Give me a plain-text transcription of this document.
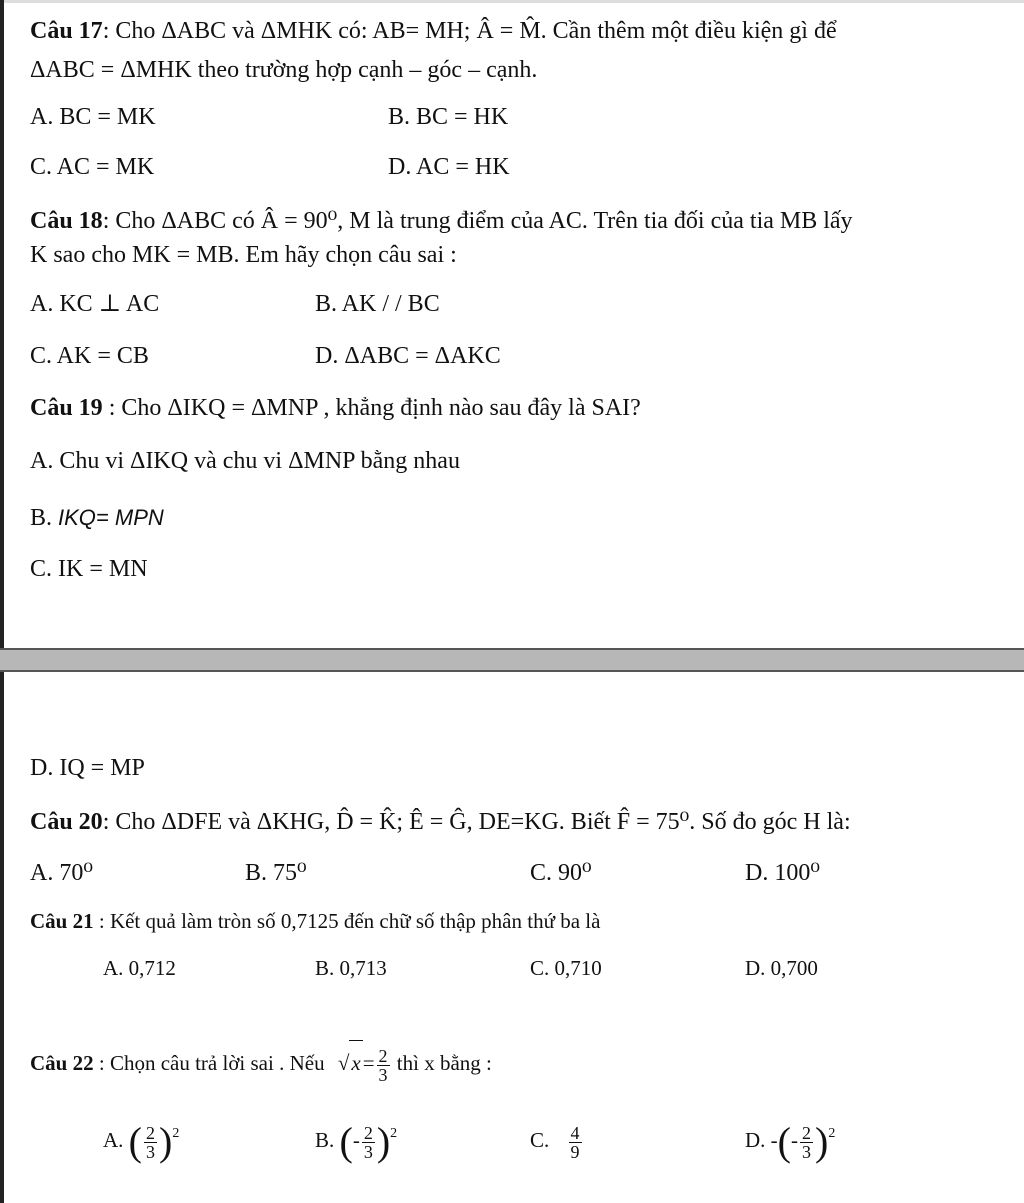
Câu 17: Cho ΔABC và ΔMHK có: AB= MH; Â = M̂. Cần thêm một điều kiện gì để
ΔABC = ΔMHK theo trường hợp cạnh – góc – cạnh.
A. BC = MK	B. BC = HK
C. AC = MK	D. AC = HK
Câu 18: Cho ΔABC có Â = 90⁰, M là trung điểm của AC. Trên tia đối của tia MB lấy
K sao cho MK = MB. Em hãy chọn câu sai :
A. KC ⊥ AC	B. AK / / BC
C. AK = CB	D. ΔABC = ΔAKC
Câu 19 : Cho ΔIKQ = ΔMNP , khẳng định nào sau đây là SAI?
A. Chu vi ΔIKQ và chu vi ΔMNP bằng nhau
B. IKQ= MPN
C. IK = MN
D. IQ = MP
Câu 20: Cho ΔDFE và ΔKHG, D̂ = K̂; Ê = Ĝ, DE=KG. Biết F̂ = 75⁰. Số đo góc H là:
A. 70⁰	B. 75⁰	C. 90⁰	D. 100⁰
Câu 21 : Kết quả làm tròn số 0,7125 đến chữ số thập phân thứ ba là
A. 0,712	B. 0,713	C. 0,710	D. 0,700
Câu 22 : Chọn câu trả lời sai . Nếu $√x= \frac{2}{3}$ thì x bằng :
A. ( $\frac{2}{3} )^2$	B. (- $\frac{2}{3} )^2$	C. $\frac{4}{9}$	D. -(- $\frac{2}{3} )^2$
